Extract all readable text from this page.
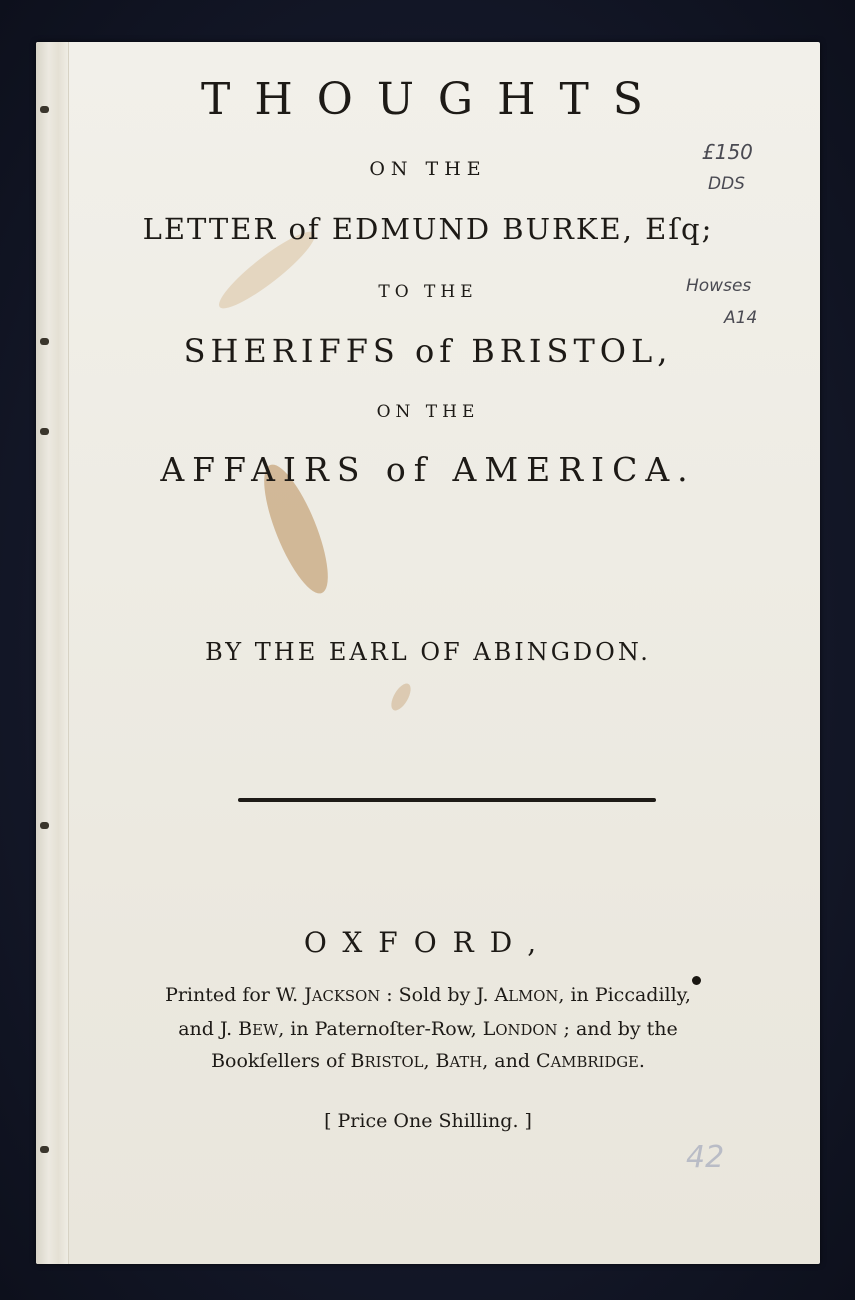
THOUGHTS
ON THE
LETTER of EDMUND BURKE, Eſq;
TO THE
SHERIFFS of BRISTOL,
ON THE
AFFAIRS of AMERICA.
BY THE EARL OF ABINGDON.
OXFORD,
Printed for W. JACKSON : Sold by J. ALMON, in Piccadilly,
and J. BEW, in Paternoſter-Row, LONDON ; and by the
Bookſellers of BRISTOL, BATH, and CAMBRIDGE.
[ Price One Shilling. ]
£150
DDS
Howses
A14
42
